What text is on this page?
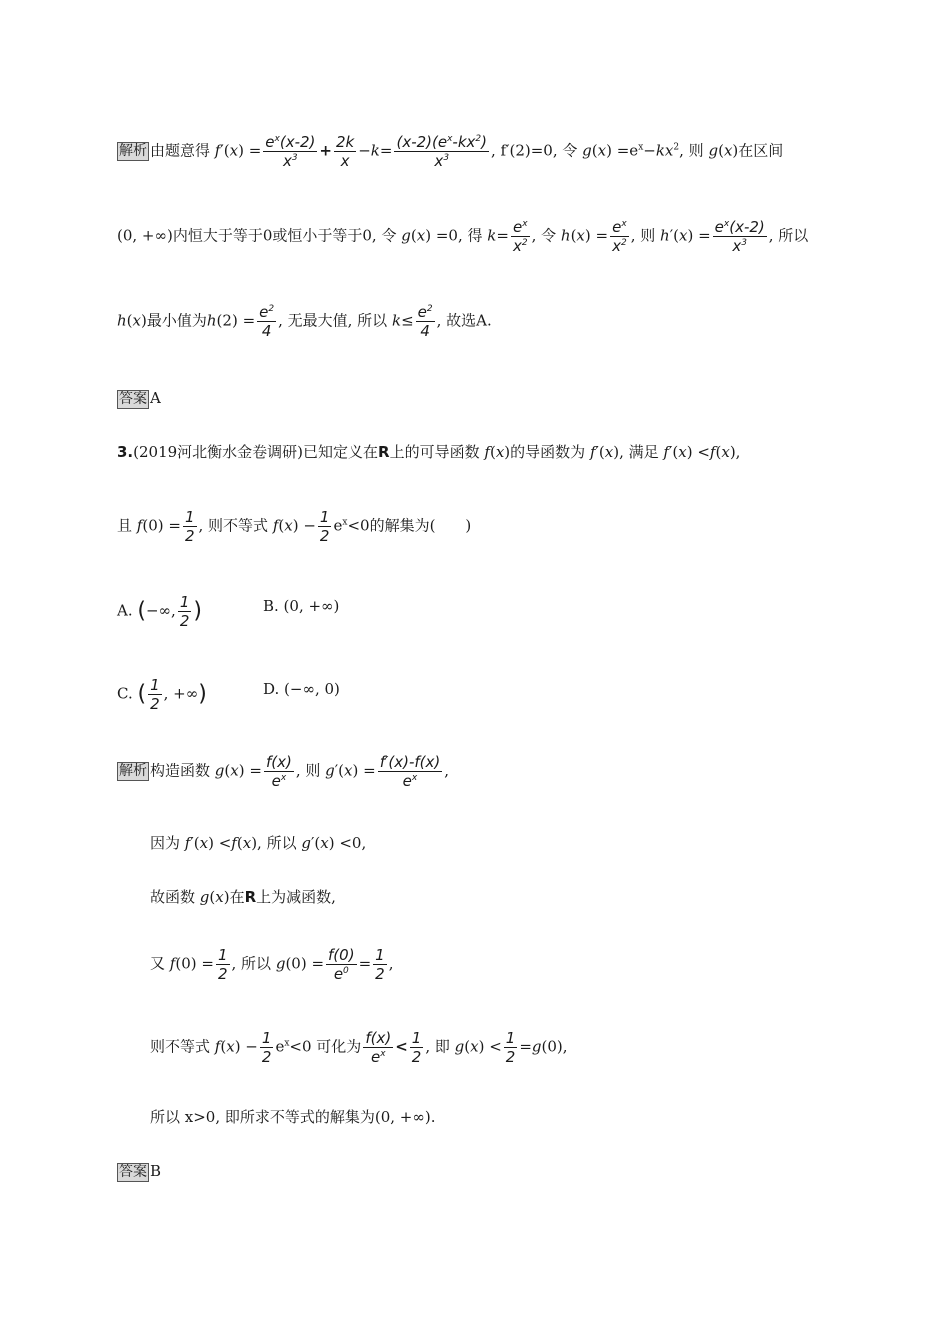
解析 由题意得 $f'(x) = \frac{e^x(x-2)}{x^3} + \frac{2k}{x} -k= \frac{(x-2)(e^x-kx^2)}{x^3}$ , f′(2)=0, 令 $g(x) =e^x-kx^2$, 则 g(x)在区间
(0, +∞)内恒大于等于0或恒小于等于0, 令 g(x) =0, 得 $k= \frac{e^x}{x^2}$ , 令 $h(x) = \frac{e^x}{x^2}$ , 则 $h'(x) = \frac{e^x(x-2)}{x^3}$ , 所以
h(x)最小值为$h(2) = \frac{e^2}{4}$ , 无最大值, 所以 $k\le \frac{e^2}{4}$ , 故选A.
答案 A
3.(2019河北衡水金卷调研)已知定义在R上的可导函数 f(x)的导函数为 f′(x), 满足 f′(x) <f(x),
且 $f(0) = \frac{1}{2}$ , 则不等式 $f(x) - \frac{1}{2} e^x<0$的解集为(　　)
A. (−∞, $\frac{1}{2}$ )	B. (0, +∞)
C. ( $\frac{1}{2}$ , +∞)	D. (−∞, 0)
解析 构造函数 $g(x) = \frac{f(x)}{e^x}$ , 则 $g'(x) = \frac{f'(x)-f(x)}{e^x}$ ,
因为 f′(x) <f(x), 所以 g′(x) <0,
故函数 g(x)在R上为减函数,
又 $f(0) = \frac{1}{2}$ , 所以 $g(0) = \frac{f(0)}{e^0} = \frac{1}{2}$ ,
则不等式 $f(x) - \frac{1}{2} e^x<0$ 可化为 $\frac{f(x)}{e^x} < \frac{1}{2}$ , 即 $g(x) < \frac{1}{2} =g(0)$,
所以 x>0, 即所求不等式的解集为(0, +∞).
答案 B
